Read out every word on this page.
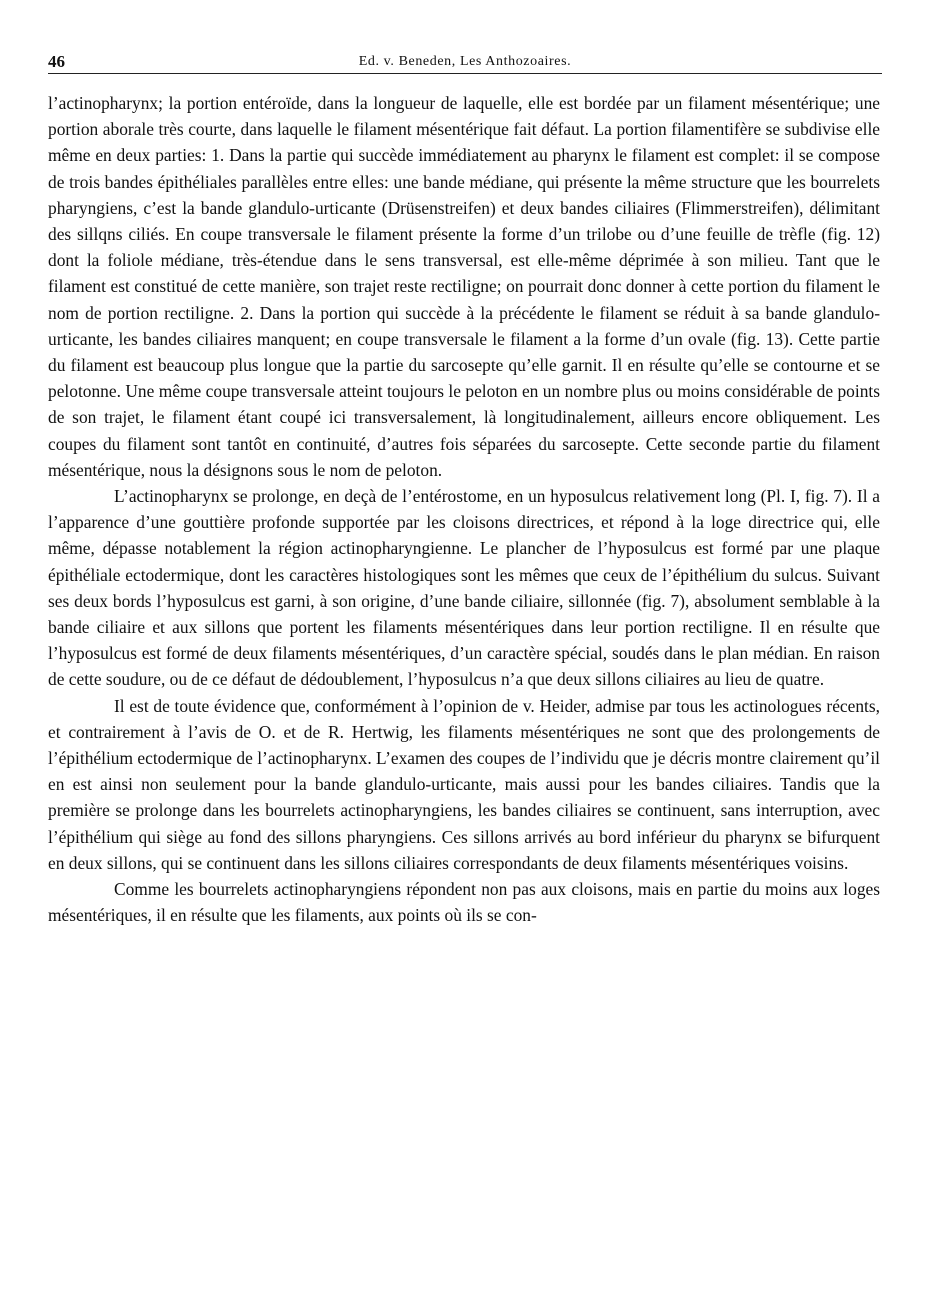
46	Ed. v. Beneden, Les Anthozoaires.

l’actinopharynx; la portion entéroïde, dans la longueur de laquelle, elle est bordée par un filament mésentérique; une portion aborale très courte, dans laquelle le filament mésentérique fait défaut. La portion filamentifère se subdivise elle même en deux parties: 1. Dans la partie qui succède immédiatement au pharynx le filament est complet: il se compose de trois bandes épithéliales parallèles entre elles: une bande médiane, qui présente la même structure que les bourrelets pharyngiens, c’est la bande glandulo-urticante (Drüsenstreifen) et deux bandes ciliaires (Flimmerstreifen), délimitant des sillqns ciliés. En coupe transversale le filament présente la forme d’un trilobe ou d’une feuille de trèfle (fig. 12) dont la foliole médiane, très-étendue dans le sens transversal, est elle-même déprimée à son milieu. Tant que le filament est constitué de cette manière, son trajet reste rectiligne; on pourrait donc donner à cette portion du filament le nom de portion rectiligne. 2. Dans la portion qui succède à la précédente le filament se réduit à sa bande glandulo-urticante, les bandes ciliaires manquent; en coupe transversale le filament a la forme d’un ovale (fig. 13). Cette partie du filament est beaucoup plus longue que la partie du sarcosepte qu’elle garnit. Il en résulte qu’elle se contourne et se pelotonne. Une même coupe transversale atteint toujours le peloton en un nombre plus ou moins considérable de points de son trajet, le filament étant coupé ici transversalement, là longitudinalement, ailleurs encore obliquement. Les coupes du filament sont tantôt en continuité, d’autres fois séparées du sarcosepte. Cette seconde partie du filament mésentérique, nous la désignons sous le nom de peloton.

L’actinopharynx se prolonge, en deçà de l’entérostome, en un hyposulcus relativement long (Pl. I, fig. 7). Il a l’apparence d’une gouttière profonde supportée par les cloisons directrices, et répond à la loge directrice qui, elle même, dépasse notablement la région actinopharyngienne. Le plancher de l’hyposulcus est formé par une plaque épithéliale ectodermique, dont les caractères histologiques sont les mêmes que ceux de l’épithélium du sulcus. Suivant ses deux bords l’hyposulcus est garni, à son origine, d’une bande ciliaire, sillonnée (fig. 7), absolument semblable à la bande ciliaire et aux sillons que portent les filaments mésentériques dans leur portion rectiligne. Il en résulte que l’hyposulcus est formé de deux filaments mésentériques, d’un caractère spécial, soudés dans le plan médian. En raison de cette soudure, ou de ce défaut de dédoublement, l’hyposulcus n’a que deux sillons ciliaires au lieu de quatre.

Il est de toute évidence que, conformément à l’opinion de v. Heider, admise par tous les actinologues récents, et contrairement à l’avis de O. et de R. Hertwig, les filaments mésentériques ne sont que des prolongements de l’épithélium ectodermique de l’actinopharynx. L’examen des coupes de l’individu que je décris montre clairement qu’il en est ainsi non seulement pour la bande glandulo-urticante, mais aussi pour les bandes ciliaires. Tandis que la première se prolonge dans les bourrelets actinopharyngiens, les bandes ciliaires se continuent, sans interruption, avec l’épithélium qui siège au fond des sillons pharyngiens. Ces sillons arrivés au bord inférieur du pharynx se bifurquent en deux sillons, qui se continuent dans les sillons ciliaires correspondants de deux filaments mésentériques voisins.

Comme les bourrelets actinopharyngiens répondent non pas aux cloisons, mais en partie du moins aux loges mésentériques, il en résulte que les filaments, aux points où ils se con-
